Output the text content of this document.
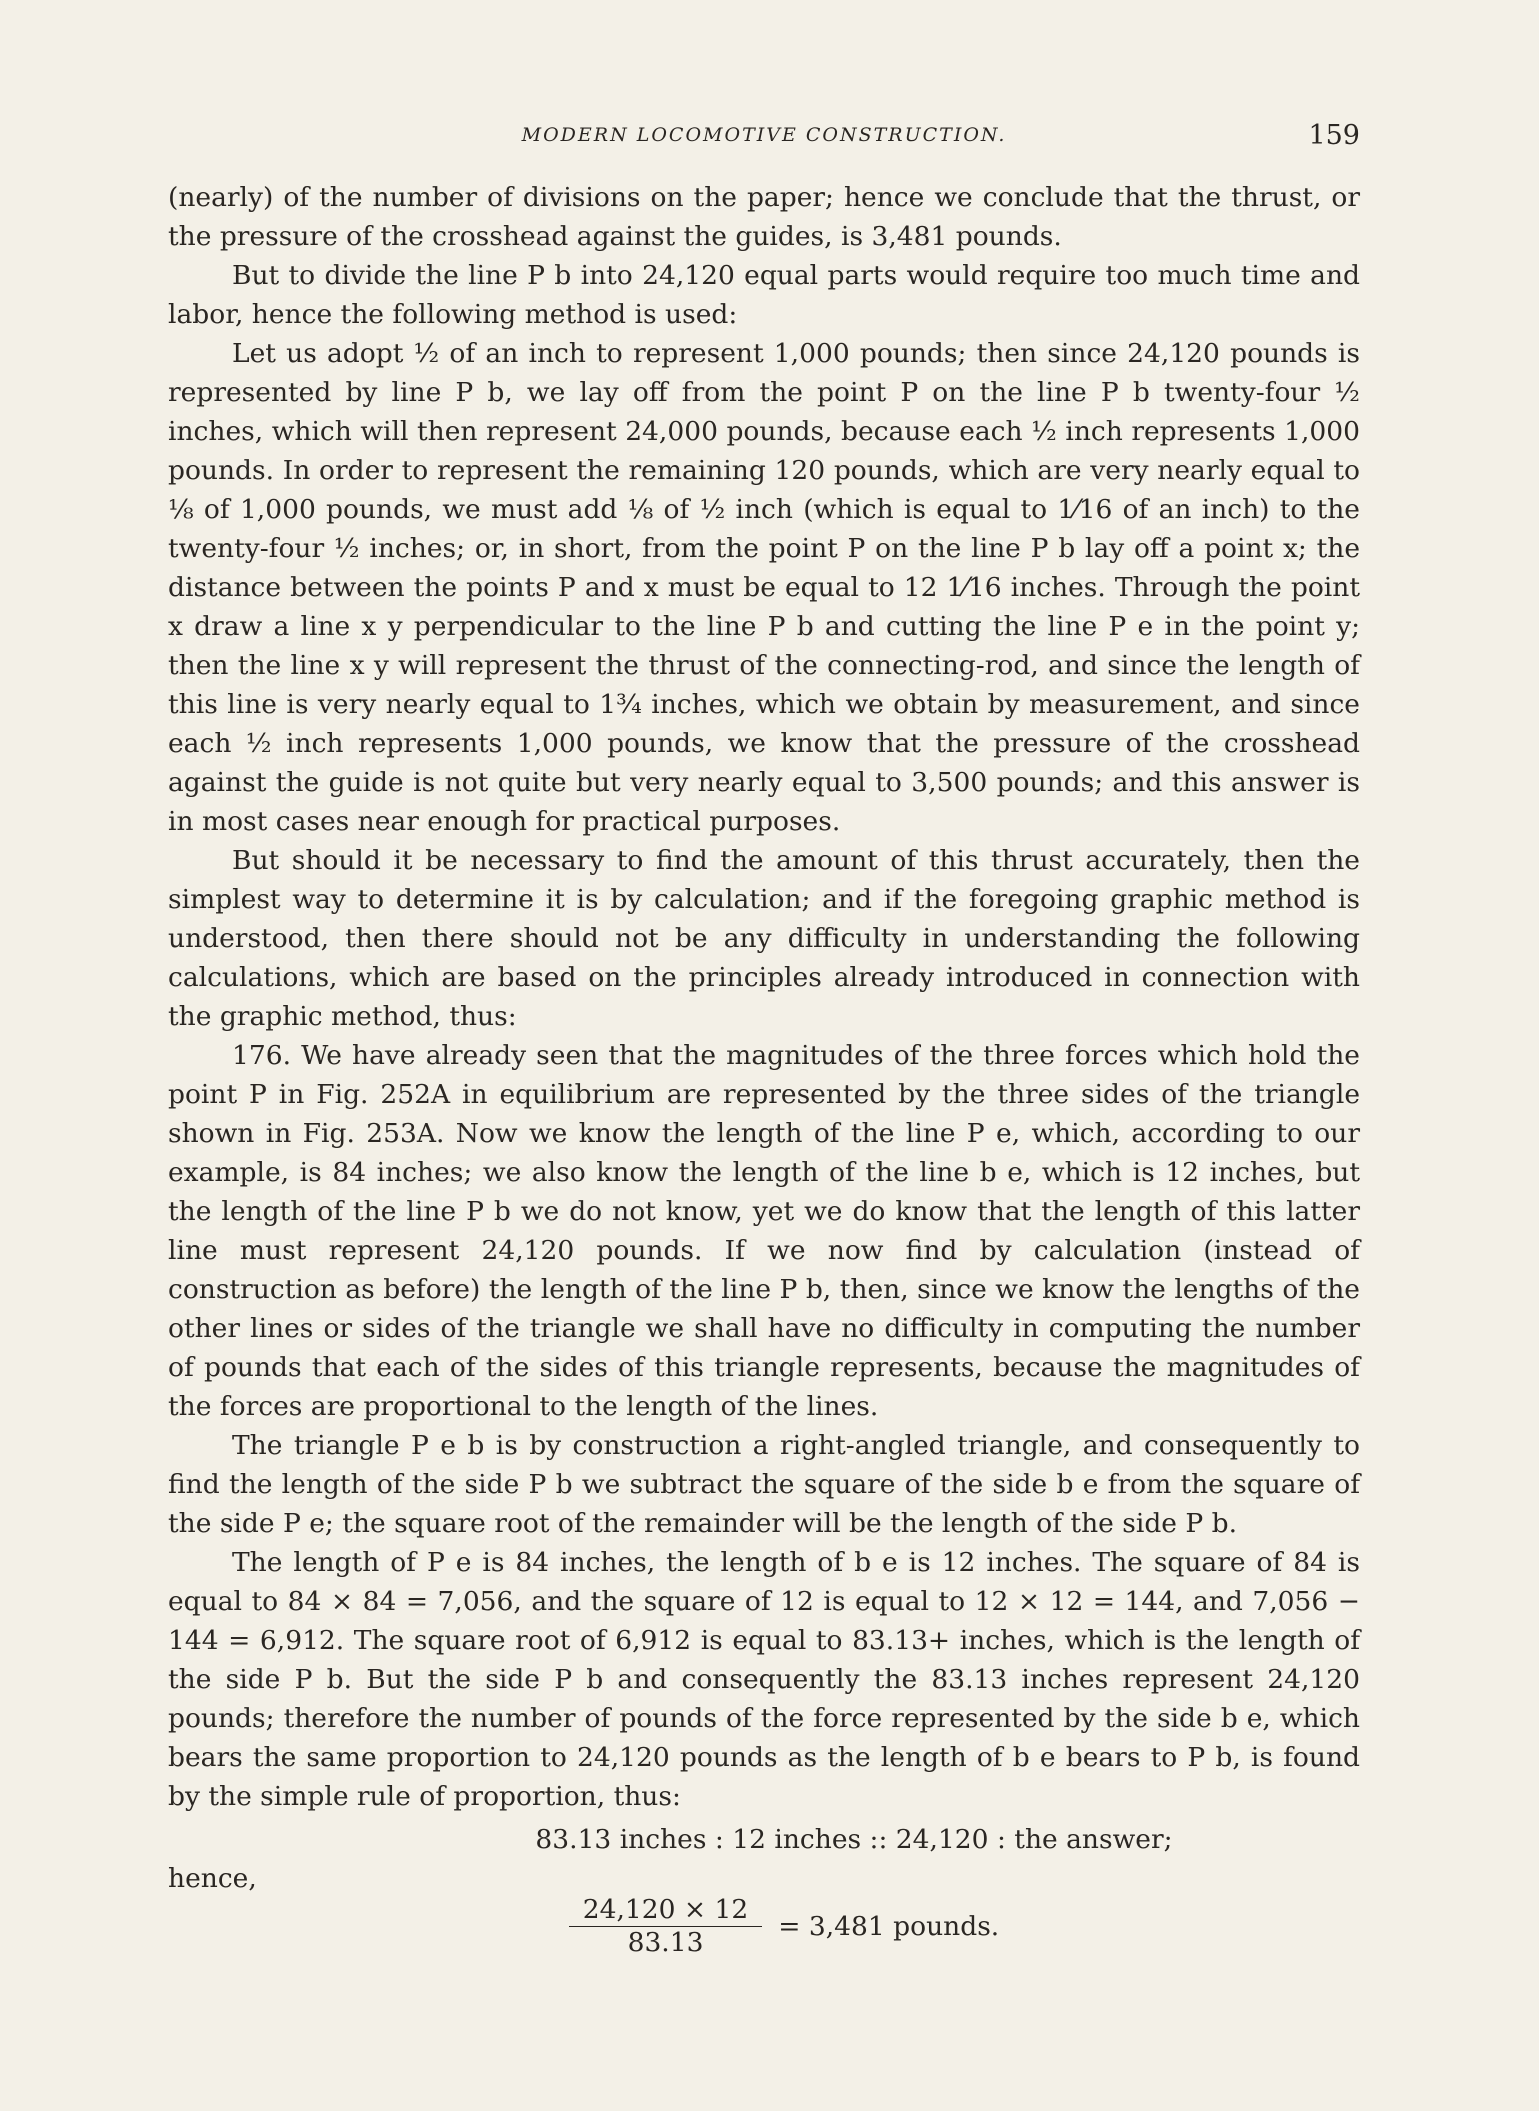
MODERN LOCOMOTIVE CONSTRUCTION.	159

(nearly) of the number of divisions on the paper; hence we conclude that the thrust, or the pressure of the crosshead against the guides, is 3,481 pounds.

But to divide the line P b into 24,120 equal parts would require too much time and labor, hence the following method is used:

Let us adopt ½ of an inch to represent 1,000 pounds; then since 24,120 pounds is represented by line P b, we lay off from the point P on the line P b twenty-four ½ inches, which will then represent 24,000 pounds, because each ½ inch represents 1,000 pounds. In order to represent the remaining 120 pounds, which are very nearly equal to ⅛ of 1,000 pounds, we must add ⅛ of ½ inch (which is equal to 1⁄16 of an inch) to the twenty-four ½ inches; or, in short, from the point P on the line P b lay off a point x; the distance between the points P and x must be equal to 12 1⁄16 inches. Through the point x draw a line x y perpendicular to the line P b and cutting the line P e in the point y; then the line x y will represent the thrust of the connecting-rod, and since the length of this line is very nearly equal to 1¾ inches, which we obtain by measurement, and since each ½ inch represents 1,000 pounds, we know that the pressure of the crosshead against the guide is not quite but very nearly equal to 3,500 pounds; and this answer is in most cases near enough for practical purposes.

But should it be necessary to find the amount of this thrust accurately, then the simplest way to determine it is by calculation; and if the foregoing graphic method is understood, then there should not be any difficulty in understanding the following calculations, which are based on the principles already introduced in connection with the graphic method, thus:

176. We have already seen that the magnitudes of the three forces which hold the point P in Fig. 252A in equilibrium are represented by the three sides of the triangle shown in Fig. 253A. Now we know the length of the line P e, which, according to our example, is 84 inches; we also know the length of the line b e, which is 12 inches, but the length of the line P b we do not know, yet we do know that the length of this latter line must represent 24,120 pounds. If we now find by calculation (instead of construction as before) the length of the line P b, then, since we know the lengths of the other lines or sides of the triangle we shall have no difficulty in computing the number of pounds that each of the sides of this triangle represents, because the magnitudes of the forces are proportional to the length of the lines.

The triangle P e b is by construction a right-angled triangle, and consequently to find the length of the side P b we subtract the square of the side b e from the square of the side P e; the square root of the remainder will be the length of the side P b.

The length of P e is 84 inches, the length of b e is 12 inches. The square of 84 is equal to 84 × 84 = 7,056, and the square of 12 is equal to 12 × 12 = 144, and 7,056 − 144 = 6,912. The square root of 6,912 is equal to 83.13+ inches, which is the length of the side P b. But the side P b and consequently the 83.13 inches represent 24,120 pounds; therefore the number of pounds of the force represented by the side b e, which bears the same proportion to 24,120 pounds as the length of b e bears to P b, is found by the simple rule of proportion, thus:

83.13 inches : 12 inches :: 24,120 : the answer;
hence,
$\frac{24,120 \times 12}{83.13} = 3,481$ pounds.
